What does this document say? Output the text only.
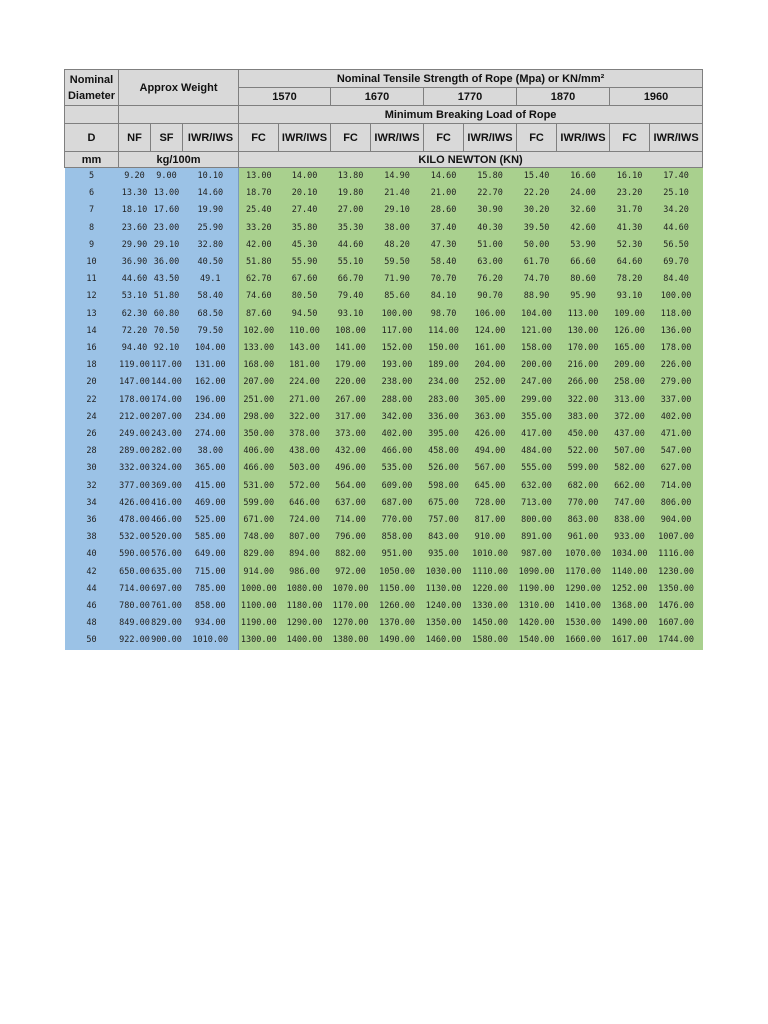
Nominal Diameter	Approx Weight			Nominal Tensile Strength of Rope (Mpa) or KN/mm²									
				1570		1670		1770		1870		1960	
				Minimum Breaking Load of Rope									
D	NF	SF	IWR/IWS	FC	IWR/IWS	FC	IWR/IWS	FC	IWR/IWS	FC	IWR/IWS	FC	IWR/IWS
mm	kg/100m			KILO NEWTON (KN)									
5	9.20	9.00	10.10	13.00	14.00	13.80	14.90	14.60	15.80	15.40	16.60	16.10	17.40
6	13.30	13.00	14.60	18.70	20.10	19.80	21.40	21.00	22.70	22.20	24.00	23.20	25.10
7	18.10	17.60	19.90	25.40	27.40	27.00	29.10	28.60	30.90	30.20	32.60	31.70	34.20
8	23.60	23.00	25.90	33.20	35.80	35.30	38.00	37.40	40.30	39.50	42.60	41.30	44.60
9	29.90	29.10	32.80	42.00	45.30	44.60	48.20	47.30	51.00	50.00	53.90	52.30	56.50
10	36.90	36.00	40.50	51.80	55.90	55.10	59.50	58.40	63.00	61.70	66.60	64.60	69.70
11	44.60	43.50	49.1	62.70	67.60	66.70	71.90	70.70	76.20	74.70	80.60	78.20	84.40
12	53.10	51.80	58.40	74.60	80.50	79.40	85.60	84.10	90.70	88.90	95.90	93.10	100.00
13	62.30	60.80	68.50	87.60	94.50	93.10	100.00	98.70	106.00	104.00	113.00	109.00	118.00
14	72.20	70.50	79.50	102.00	110.00	108.00	117.00	114.00	124.00	121.00	130.00	126.00	136.00
16	94.40	92.10	104.00	133.00	143.00	141.00	152.00	150.00	161.00	158.00	170.00	165.00	178.00
18	119.00	117.00	131.00	168.00	181.00	179.00	193.00	189.00	204.00	200.00	216.00	209.00	226.00
20	147.00	144.00	162.00	207.00	224.00	220.00	238.00	234.00	252.00	247.00	266.00	258.00	279.00
22	178.00	174.00	196.00	251.00	271.00	267.00	288.00	283.00	305.00	299.00	322.00	313.00	337.00
24	212.00	207.00	234.00	298.00	322.00	317.00	342.00	336.00	363.00	355.00	383.00	372.00	402.00
26	249.00	243.00	274.00	350.00	378.00	373.00	402.00	395.00	426.00	417.00	450.00	437.00	471.00
28	289.00	282.00	38.00	406.00	438.00	432.00	466.00	458.00	494.00	484.00	522.00	507.00	547.00
30	332.00	324.00	365.00	466.00	503.00	496.00	535.00	526.00	567.00	555.00	599.00	582.00	627.00
32	377.00	369.00	415.00	531.00	572.00	564.00	609.00	598.00	645.00	632.00	682.00	662.00	714.00
34	426.00	416.00	469.00	599.00	646.00	637.00	687.00	675.00	728.00	713.00	770.00	747.00	806.00
36	478.00	466.00	525.00	671.00	724.00	714.00	770.00	757.00	817.00	800.00	863.00	838.00	904.00
38	532.00	520.00	585.00	748.00	807.00	796.00	858.00	843.00	910.00	891.00	961.00	933.00	1007.00
40	590.00	576.00	649.00	829.00	894.00	882.00	951.00	935.00	1010.00	987.00	1070.00	1034.00	1116.00
42	650.00	635.00	715.00	914.00	986.00	972.00	1050.00	1030.00	1110.00	1090.00	1170.00	1140.00	1230.00
44	714.00	697.00	785.00	1000.00	1080.00	1070.00	1150.00	1130.00	1220.00	1190.00	1290.00	1252.00	1350.00
46	780.00	761.00	858.00	1100.00	1180.00	1170.00	1260.00	1240.00	1330.00	1310.00	1410.00	1368.00	1476.00
48	849.00	829.00	934.00	1190.00	1290.00	1270.00	1370.00	1350.00	1450.00	1420.00	1530.00	1490.00	1607.00
50	922.00	900.00	1010.00	1300.00	1400.00	1380.00	1490.00	1460.00	1580.00	1540.00	1660.00	1617.00	1744.00
